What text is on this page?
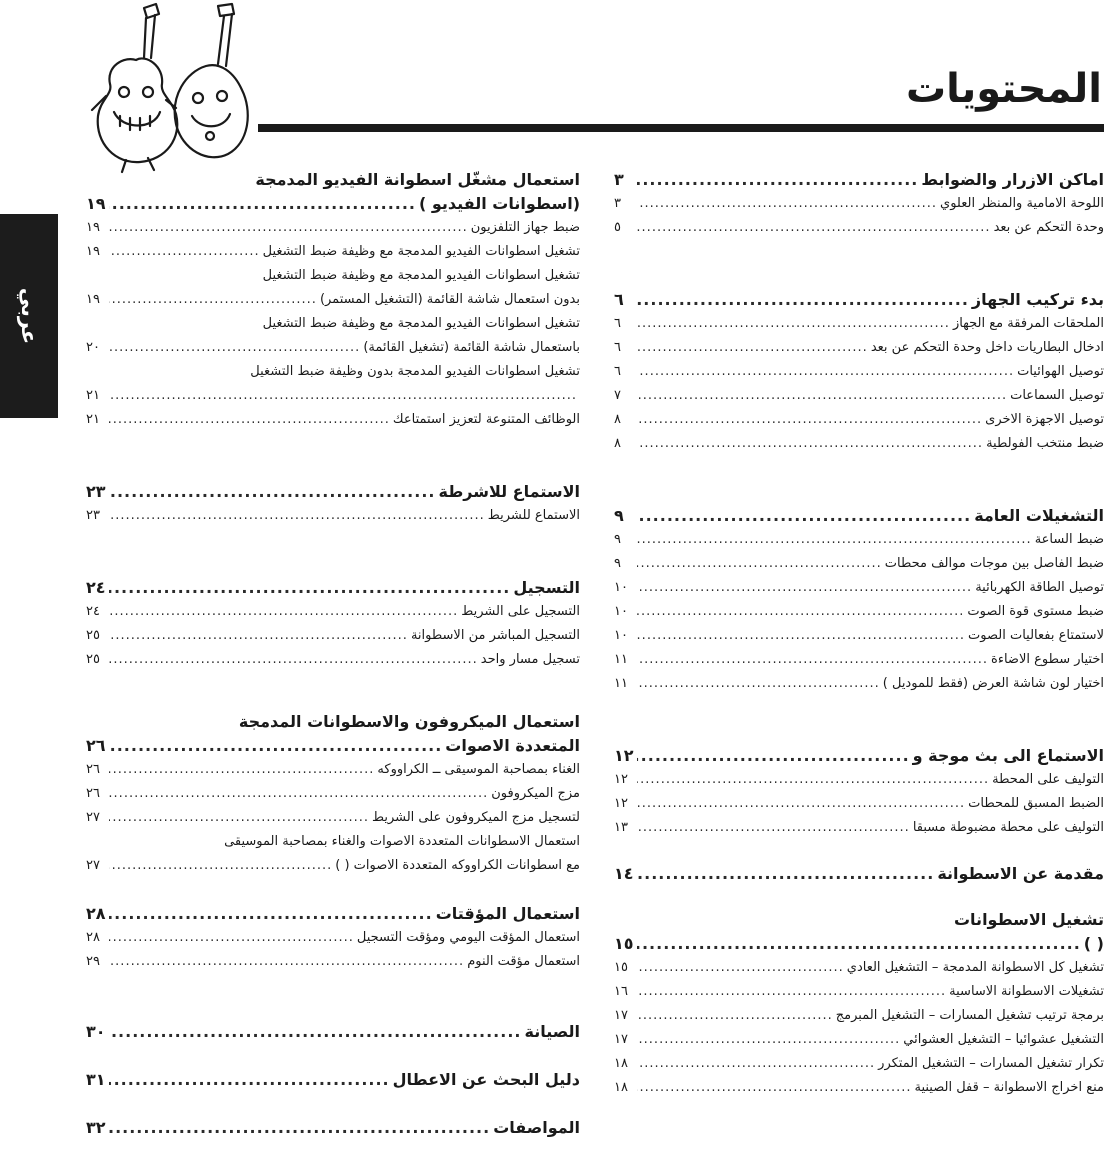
المحتويات
عربي
اماكن الازرار والضوابط
.....
٣
اللوحة الامامية والمنظر العلوي
.....
٣
وحدة التحكم عن بعد
.....
٥
بدء تركيب الجهاز
.....
٦
الملحقات المرفقة مع الجهاز
.....
٦
ادخال البطاريات داخل وحدة التحكم عن بعد
.....
٦
توصيل الهوائيات
.....
٦
توصيل السماعات
.....
٧
توصيل الاجهزة الاخرى
.....
٨
ضبط منتخب الفولطية
.....
٨
التشغيلات العامة
.....
٩
ضبط الساعة
.....
٩
ضبط الفاصل بين موجات موالف محطات
.....
٩
توصيل الطاقة الكهربائية
.....
١٠
ضبط مستوى قوة الصوت
.....
١٠
لاستمتاع بفعاليات الصوت
.....
١٠
اختيار سطوع الاضاءة
.....
١١
اختيار لون شاشة العرض (فقط للموديل )
.....
١١
الاستماع الى بث موجة و
.....
١٢
التوليف على المحطة
.....
١٢
الضبط المسبق للمحطات
.....
١٢
التوليف على محطة مضبوطة مسبقا
.....
١٣
مقدمة عن الاسطوانة
.....
١٤
تشغيل الاسطوانات
( )
.....
١٥
تشغيل كل الاسطوانة المدمجة – التشغيل العادي
.....
١٥
تشغيلات الاسطوانة الاساسية
.....
١٦
برمجة ترتيب تشغيل المسارات – التشغيل المبرمج
.....
١٧
التشغيل عشوائيا – التشغيل العشوائي
.....
١٧
تكرار تشغيل المسارات – التشغيل المتكرر
.....
١٨
منع اخراج الاسطوانة – قفل الصينية
.....
١٨
استعمال مشغّل اسطوانة الفيديو المدمجة
(اسطوانات الفيديو )
.....
١٩
ضبط جهاز التلفزيون
.....
١٩
تشغيل اسطوانات الفيديو المدمجة مع وظيفة ضبط التشغيل
.....
١٩
تشغيل اسطوانات الفيديو المدمجة مع وظيفة ضبط التشغيل
بدون استعمال شاشة القائمة (التشغيل المستمر)
.....
١٩
تشغيل اسطوانات الفيديو المدمجة مع وظيفة ضبط التشغيل
باستعمال شاشة القائمة (تشغيل القائمة)
.....
٢٠
تشغيل اسطوانات الفيديو المدمجة بدون وظيفة ضبط التشغيل
.....
٢١
الوظائف المتنوعة لتعزيز استمتاعك
.....
٢١
الاستماع للاشرطة
.....
٢٣
الاستماع للشريط
.....
٢٣
التسجيل
.....
٢٤
التسجيل على الشريط
.....
٢٤
التسجيل المباشر من الاسطوانة
.....
٢٥
تسجيل مسار واحد
.....
٢٥
استعمال الميكروفون والاسطوانات المدمجة
المتعددة الاصوات
.....
٢٦
الغناء بمصاحبة الموسيقى ــ الكراووكه
.....
٢٦
مزج الميكروفون
.....
٢٦
لتسجيل مزج الميكروفون على الشريط
.....
٢٧
استعمال الاسطوانات المتعددة الاصوات والغناء بمصاحبة الموسيقى
مع اسطوانات الكراووكه المتعددة الاصوات ( )
.....
٢٧
استعمال المؤقتات
.....
٢٨
استعمال المؤقت اليومي ومؤقت التسجيل
.....
٢٨
استعمال مؤقت النوم
.....
٢٩
الصيانة
.....
٣٠
دليل البحث عن الاعطال
.....
٣١
المواصفات
.....
٣٢
